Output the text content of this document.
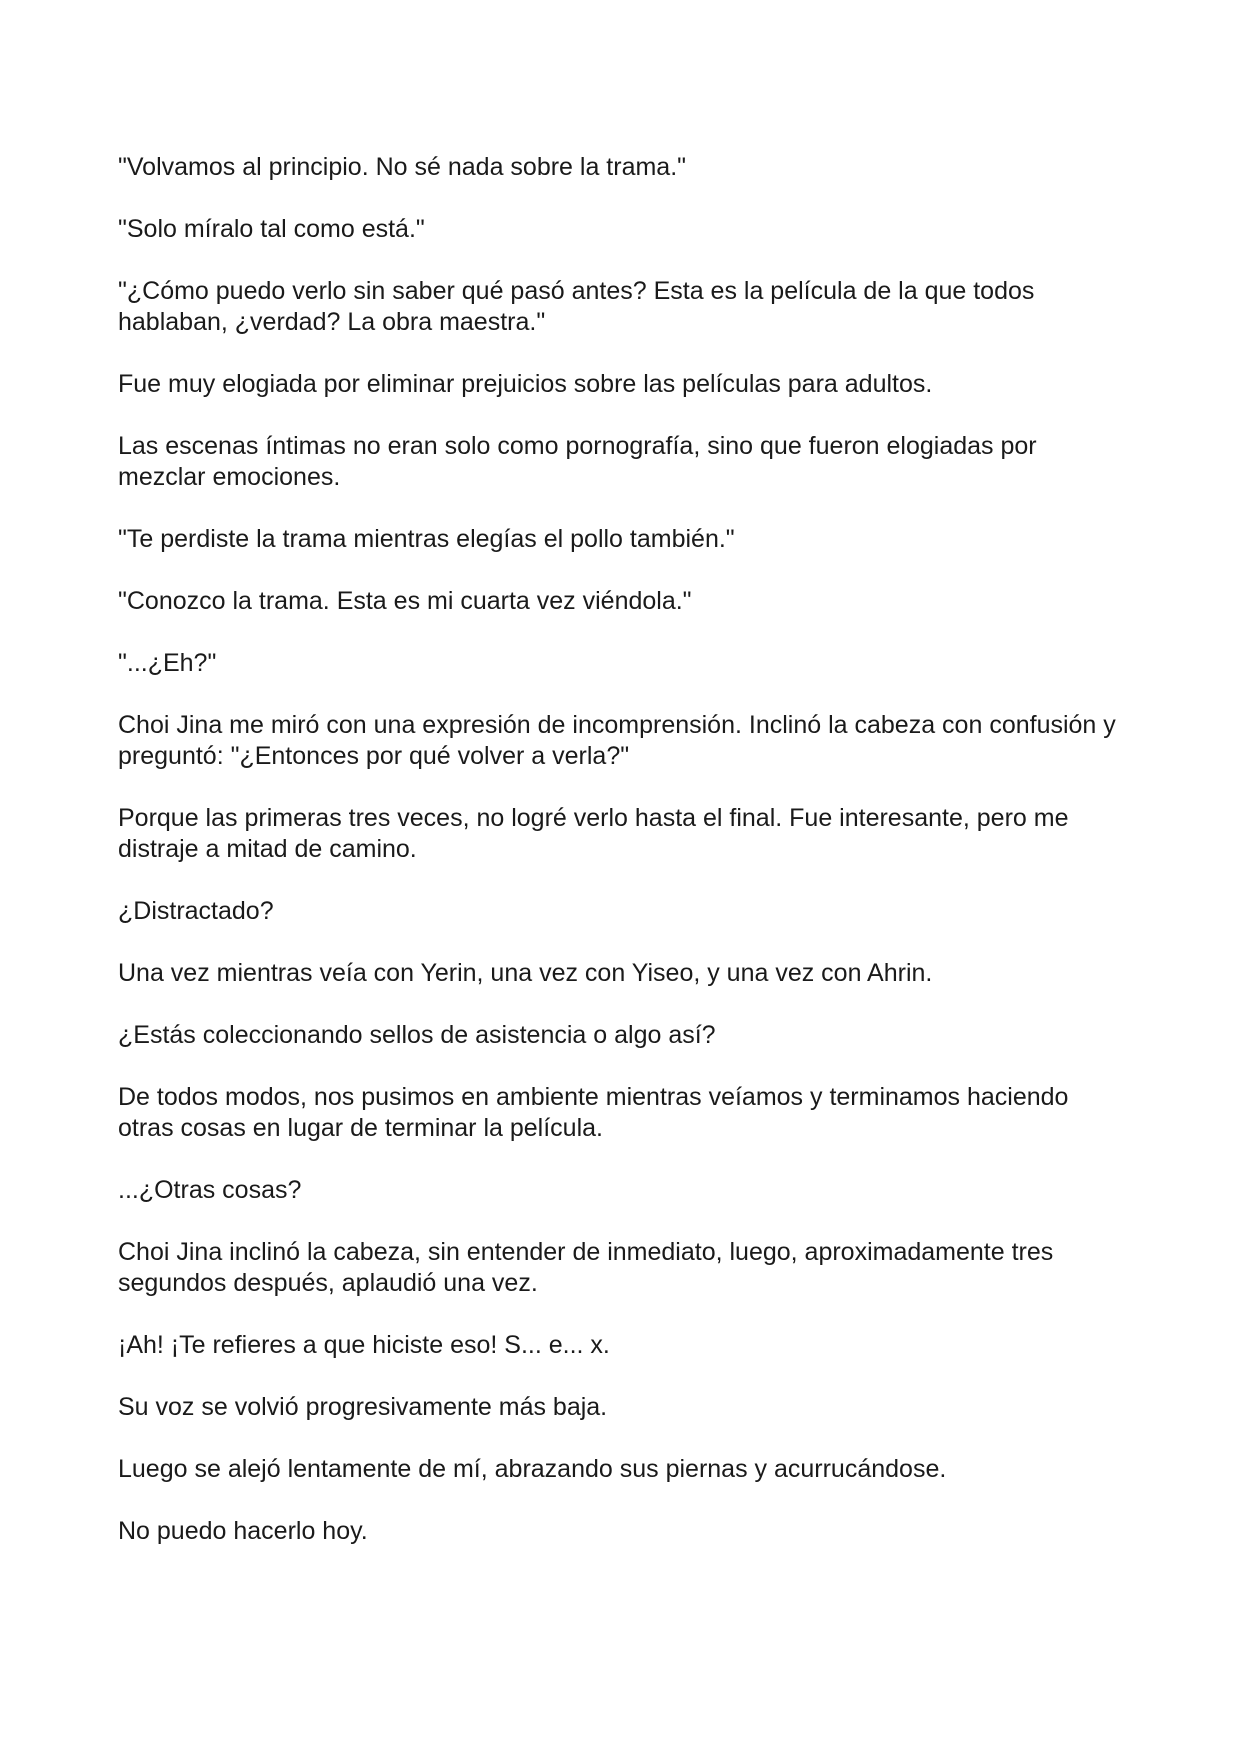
"Volvamos al principio. No sé nada sobre la trama."

"Solo míralo tal como está."

"¿Cómo puedo verlo sin saber qué pasó antes? Esta es la película de la que todos hablaban, ¿verdad? La obra maestra."

Fue muy elogiada por eliminar prejuicios sobre las películas para adultos.

Las escenas íntimas no eran solo como pornografía, sino que fueron elogiadas por mezclar emociones.

"Te perdiste la trama mientras elegías el pollo también."

"Conozco la trama. Esta es mi cuarta vez viéndola."

"...¿Eh?"

Choi Jina me miró con una expresión de incomprensión. Inclinó la cabeza con confusión y preguntó: "¿Entonces por qué volver a verla?"

Porque las primeras tres veces, no logré verlo hasta el final. Fue interesante, pero me distraje a mitad de camino.

¿Distractado?

Una vez mientras veía con Yerin, una vez con Yiseo, y una vez con Ahrin.

¿Estás coleccionando sellos de asistencia o algo así?

De todos modos, nos pusimos en ambiente mientras veíamos y terminamos haciendo otras cosas en lugar de terminar la película.

...¿Otras cosas?

Choi Jina inclinó la cabeza, sin entender de inmediato, luego, aproximadamente tres segundos después, aplaudió una vez.

¡Ah! ¡Te refieres a que hiciste eso! S... e... x.

Su voz se volvió progresivamente más baja.

Luego se alejó lentamente de mí, abrazando sus piernas y acurrucándose.

No puedo hacerlo hoy.
